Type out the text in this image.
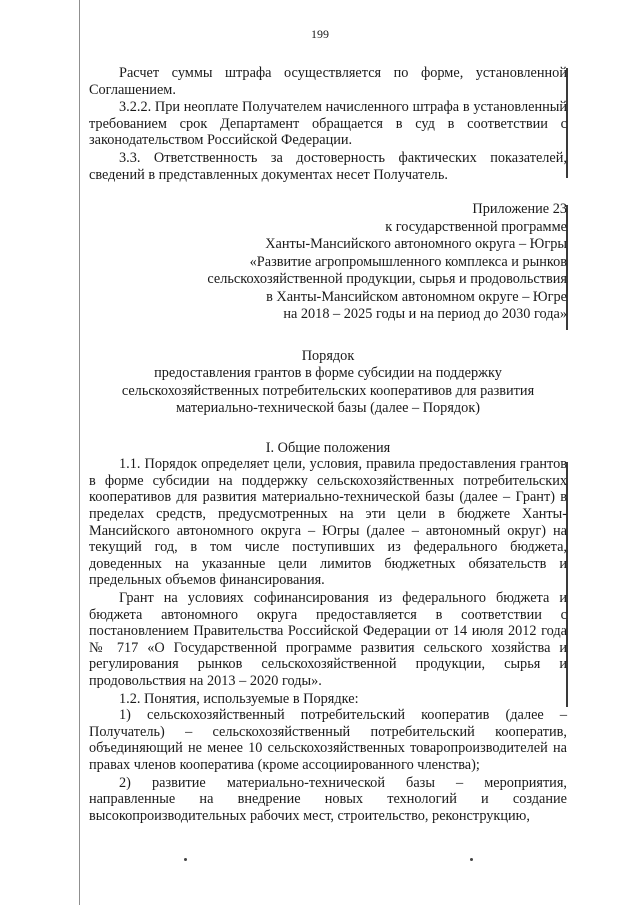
199

Расчет суммы штрафа осуществляется по форме, установленной Соглашением.

3.2.2. При неоплате Получателем начисленного штрафа в установленный требованием срок Департамент обращается в суд в соответствии с законодательством Российской Федерации.

3.3. Ответственность за достоверность фактических показателей, сведений в представленных документах несет Получатель.

Приложение 23
к государственной программе
Ханты-Мансийского автономного округа – Югры
«Развитие агропромышленного комплекса и рынков
сельскохозяйственной продукции, сырья и продовольствия
в Ханты-Мансийском автономном округе – Югре
на 2018 – 2025 годы и на период до 2030 года»
Порядок
предоставления грантов в форме субсидии на поддержку
сельскохозяйственных потребительских кооперативов для развития
материально-технической базы (далее – Порядок)
I. Общие положения

1.1. Порядок определяет цели, условия, правила предоставления грантов в форме субсидии на поддержку сельскохозяйственных потребительских кооперативов для развития материально-технической базы (далее – Грант) в пределах средств, предусмотренных на эти цели в бюджете Ханты-Мансийского автономного округа – Югры (далее – автономный округ) на текущий год, в том числе поступивших из федерального бюджета, доведенных на указанные цели лимитов бюджетных обязательств и предельных объемов финансирования.

Грант на условиях софинансирования из федерального бюджета и бюджета автономного округа предоставляется в соответствии с постановлением Правительства Российской Федерации от 14 июля 2012 года № 717 «О Государственной программе развития сельского хозяйства и регулирования рынков сельскохозяйственной продукции, сырья и продовольствия на 2013 – 2020 годы».

1.2. Понятия, используемые в Порядке:

1) сельскохозяйственный потребительский кооператив (далее – Получатель) – сельскохозяйственный потребительский кооператив, объединяющий не менее 10 сельскохозяйственных товаропроизводителей на правах членов кооператива (кроме ассоциированного членства);

2) развитие материально-технической базы – мероприятия, направленные на внедрение новых технологий и создание высокопроизводительных рабочих мест, строительство, реконструкцию,
